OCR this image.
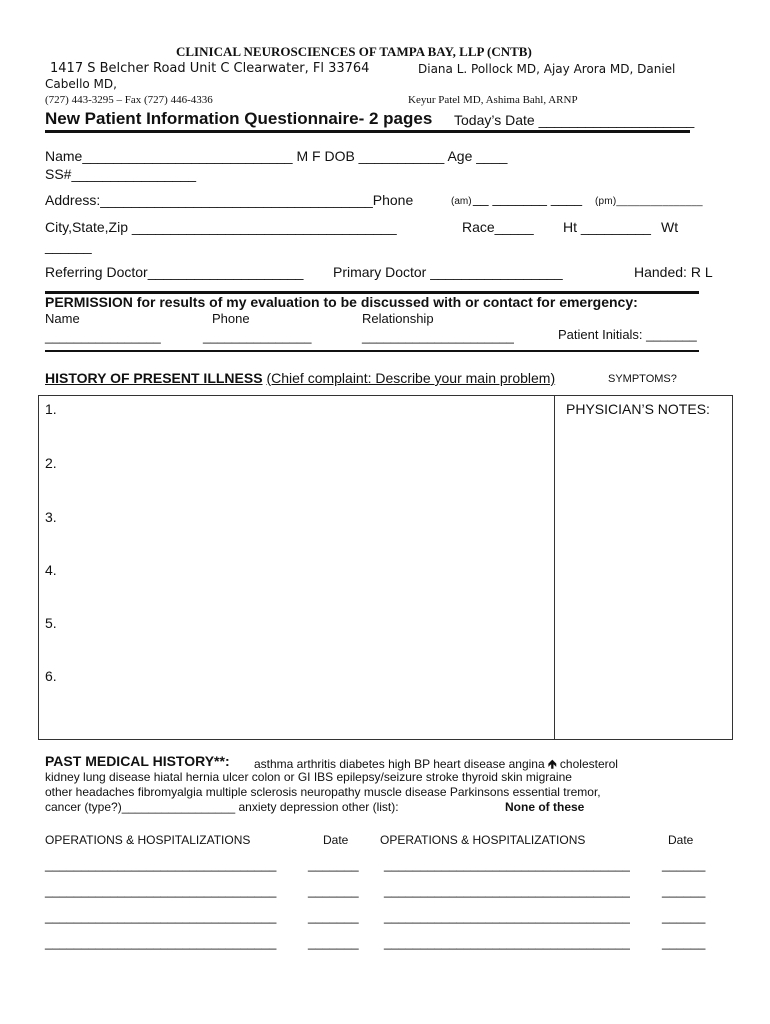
CLINICAL NEUROSCIENCES OF TAMPA BAY, LLP (CNTB)
1417 S Belcher Road Unit C Clearwater, Fl 33764	Diana L. Pollock MD, Ajay Arora MD, Daniel
Cabello MD,
(727) 443-3295 – Fax (727) 446-4336	Keyur Patel MD, Ashima Bahl, ARNP
New Patient Information Questionnaire- 2 pages Today’s Date ____________________
Name___________________________ M F DOB ___________ Age ____
SS#________________
Address:___________________________________Phone	(am) __ _______ ____ (pm)_______________
City,State,Zip __________________________________	Race_____ Ht _________ Wt
______
Referring Doctor____________________ Primary Doctor _________________	Handed: R L
PERMISSION for results of my evaluation to be discussed with or contact for emergency:
Name	Phone	Relationship
________________	_______________	_____________________	Patient Initials: _______
HISTORY OF PRESENT ILLNESS (Chief complaint: Describe your main problem)	SYMPTOMS?
1.
2.
3.
4.
5.
6.
PHYSICIAN’S NOTES:
PAST MEDICAL HISTORY**: asthma arthritis diabetes high BP heart disease angina 🡹 cholesterol
kidney lung disease hiatal hernia ulcer colon or GI IBS epilepsy/seizure stroke thyroid skin migraine
other headaches fibromyalgia multiple sclerosis neuropathy muscle disease Parkinsons essential tremor,
cancer (type?)_________________ anxiety depression other (list):	None of these
OPERATIONS & HOSPITALIZATIONS	Date	OPERATIONS & HOSPITALIZATIONS	Date
________________________________ _______ __________________________________ ______
________________________________ _______ __________________________________ ______
________________________________ _______ __________________________________ ______
________________________________ _______ __________________________________ ______
